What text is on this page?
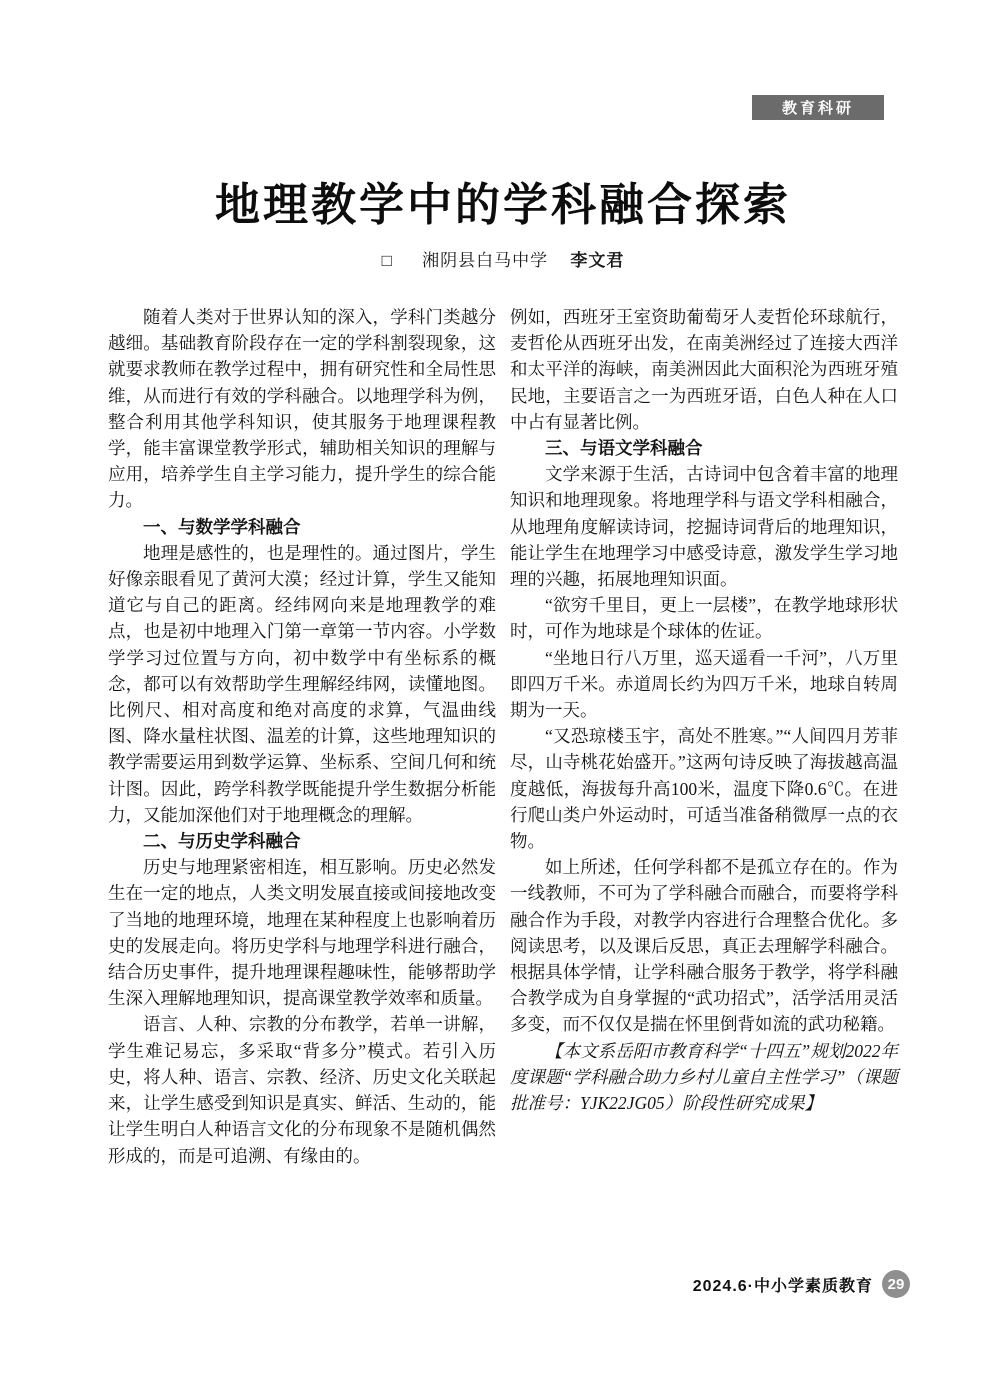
教育科研
地理教学中的学科融合探索
□ 湘阴县白马中学 李文君

随着人类对于世界认知的深入，学科门类越分越细。基础教育阶段存在一定的学科割裂现象，这就要求教师在教学过程中，拥有研究性和全局性思维，从而进行有效的学科融合。以地理学科为例，整合利用其他学科知识，使其服务于地理课程教学，能丰富课堂教学形式，辅助相关知识的理解与应用，培养学生自主学习能力，提升学生的综合能力。

一、与数学学科融合

地理是感性的，也是理性的。通过图片，学生好像亲眼看见了黄河大漠；经过计算，学生又能知道它与自己的距离。经纬网向来是地理教学的难点，也是初中地理入门第一章第一节内容。小学数学学习过位置与方向，初中数学中有坐标系的概念，都可以有效帮助学生理解经纬网，读懂地图。比例尺、相对高度和绝对高度的求算，气温曲线图、降水量柱状图、温差的计算，这些地理知识的教学需要运用到数学运算、坐标系、空间几何和统计图。因此，跨学科教学既能提升学生数据分析能力，又能加深他们对于地理概念的理解。

二、与历史学科融合

历史与地理紧密相连，相互影响。历史必然发生在一定的地点，人类文明发展直接或间接地改变了当地的地理环境，地理在某种程度上也影响着历史的发展走向。将历史学科与地理学科进行融合，结合历史事件，提升地理课程趣味性，能够帮助学生深入理解地理知识，提高课堂教学效率和质量。

语言、人种、宗教的分布教学，若单一讲解，学生难记易忘，多采取“背多分”模式。若引入历史，将人种、语言、宗教、经济、历史文化关联起来，让学生感受到知识是真实、鲜活、生动的，能让学生明白人种语言文化的分布现象不是随机偶然形成的，而是可追溯、有缘由的。

例如，西班牙王室资助葡萄牙人麦哲伦环球航行，麦哲伦从西班牙出发，在南美洲经过了连接大西洋和太平洋的海峡，南美洲因此大面积沦为西班牙殖民地，主要语言之一为西班牙语，白色人种在人口中占有显著比例。

三、与语文学科融合

文学来源于生活，古诗词中包含着丰富的地理知识和地理现象。将地理学科与语文学科相融合，从地理角度解读诗词，挖掘诗词背后的地理知识，能让学生在地理学习中感受诗意，激发学生学习地理的兴趣，拓展地理知识面。

“欲穷千里目，更上一层楼”，在教学地球形状时，可作为地球是个球体的佐证。

“坐地日行八万里，巡天遥看一千河”，八万里即四万千米。赤道周长约为四万千米，地球自转周期为一天。

“又恐琼楼玉宇，高处不胜寒。”“人间四月芳菲尽，山寺桃花始盛开。”这两句诗反映了海拔越高温度越低，海拔每升高100米，温度下降0.6℃。在进行爬山类户外运动时，可适当准备稍微厚一点的衣物。

如上所述，任何学科都不是孤立存在的。作为一线教师，不可为了学科融合而融合，而要将学科融合作为手段，对教学内容进行合理整合优化。多阅读思考，以及课后反思，真正去理解学科融合。根据具体学情，让学科融合服务于教学，将学科融合教学成为自身掌握的“武功招式”，活学活用灵活多变，而不仅仅是揣在怀里倒背如流的武功秘籍。

【本文系岳阳市教育科学“十四五”规划2022年度课题“学科融合助力乡村儿童自主性学习”（课题批准号：YJK22JG05）阶段性研究成果】

2024.6·中小学素质教育 29
